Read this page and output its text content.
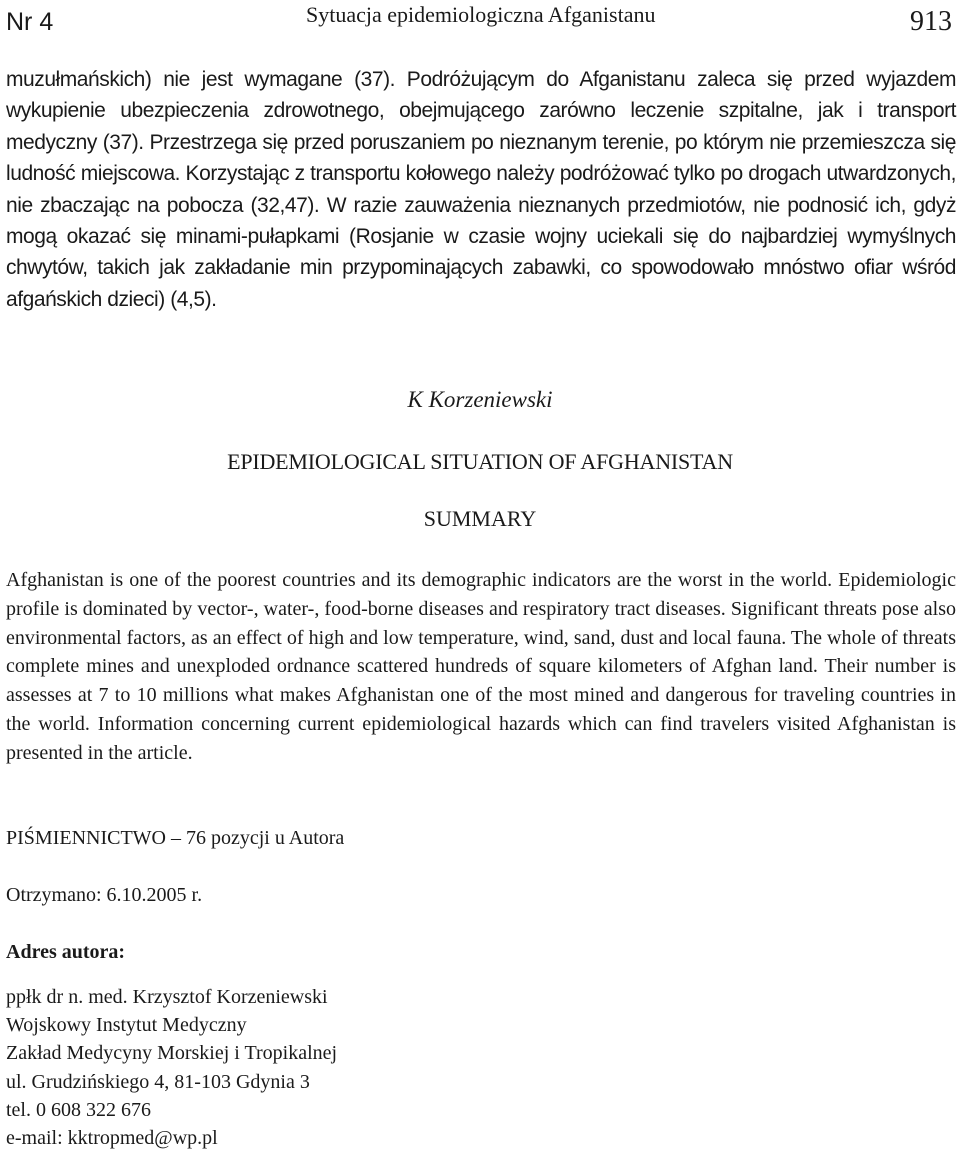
Nr 4	Sytuacja epidemiologiczna Afganistanu	913

muzułmańskich) nie jest wymagane (37). Podróżującym do Afganistanu zaleca się przed wyjazdem wykupienie ubezpieczenia zdrowotnego, obejmującego zarówno leczenie szpitalne, jak i transport medyczny (37). Przestrzega się przed poruszaniem po nieznanym terenie, po którym nie przemieszcza się ludność miejscowa. Korzystając z transportu kołowego należy podróżować tylko po drogach utwardzonych, nie zbaczając na pobocza (32,47). W razie zauważenia nieznanych przedmiotów, nie podnosić ich, gdyż mogą okazać się minami-pułapkami (Rosjanie w czasie wojny uciekali się do najbardziej wymyślnych chwytów, takich jak zakładanie min przypominających zabawki, co spowodowało mnóstwo ofiar wśród afgańskich dzieci) (4,5).

K Korzeniewski
EPIDEMIOLOGICAL SITUATION OF AFGHANISTAN
SUMMARY

Afghanistan is one of the poorest countries and its demographic indicators are the worst in the world. Epidemiologic profile is dominated by vector-, water-, food-borne diseases and respiratory tract diseases. Significant threats pose also environmental factors, as an effect of high and low temperature, wind, sand, dust and local fauna. The whole of threats complete mines and unexploded ordnance scattered hundreds of square kilometers of Afghan land. Their number is assesses at 7 to 10 millions what makes Afghanistan one of the most mined and dangerous for traveling countries in the world. Information concerning current epidemiological hazards which can find travelers visited Afghanistan is presented in the article.

PIŚMIENNICTWO – 76 pozycji u Autora
Otrzymano: 6.10.2005 r.
Adres autora:
ppłk dr n. med. Krzysztof Korzeniewski
Wojskowy Instytut Medyczny
Zakład Medycyny Morskiej i Tropikalnej
ul. Grudzińskiego 4, 81-103 Gdynia 3
tel. 0 608 322 676
e-mail: kktropmed@wp.pl
